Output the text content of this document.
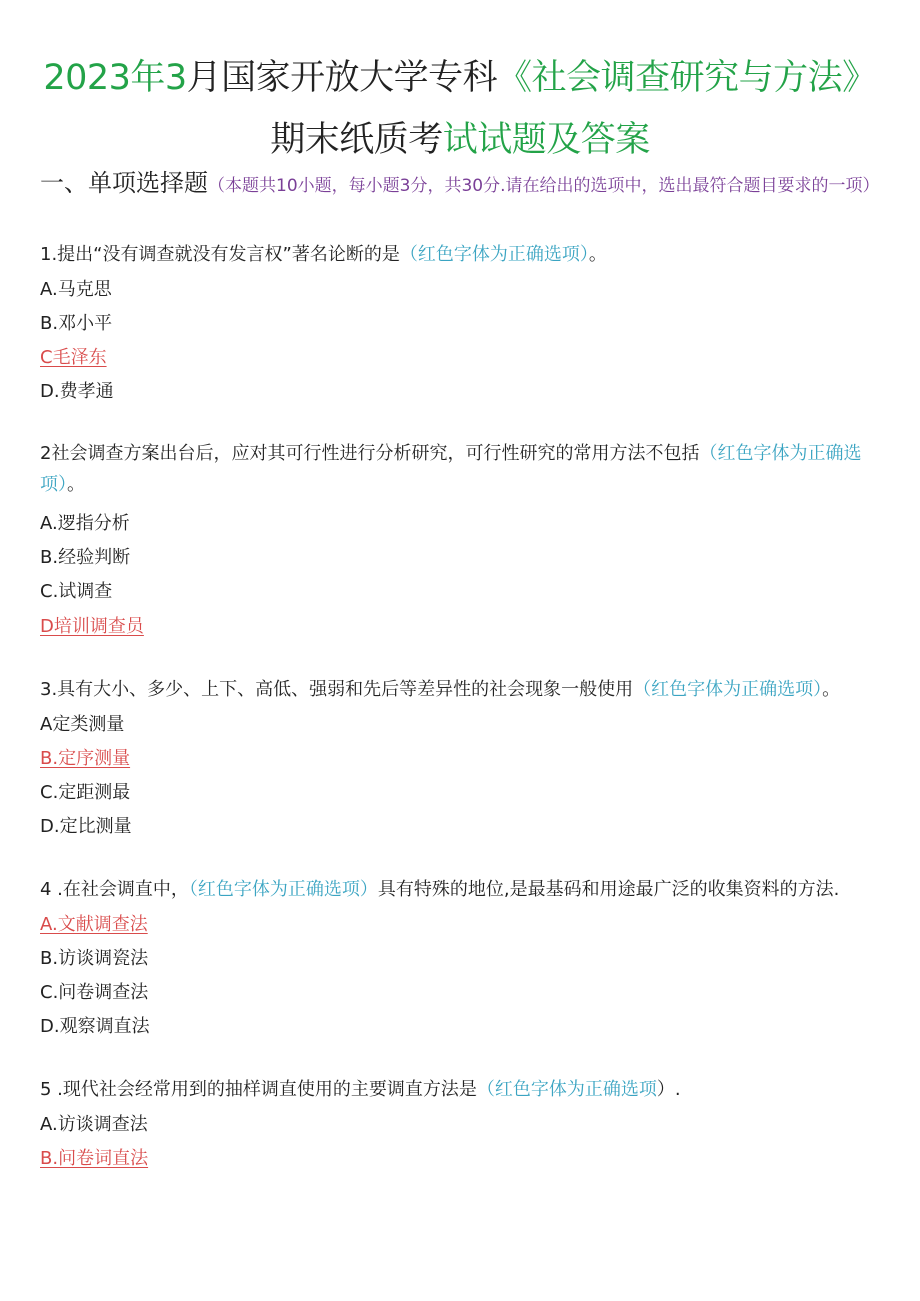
2023年3月国家开放大学专科《社会调查研究与方法》
期末纸质考试试题及答案
一、单项选择题（本题共10小题，每小题3分，共30分.请在给出的选项中，选出最符合题目要求的一项）
1.提出“没有调查就没有发言权”著名论断的是（红色字体为正确选项）。
A.马克思
B.邓小平
C毛泽东
D.费孝通
2社会调查方案出台后，应对其可行性进行分析研究，可行性研究的常用方法不包括（红色字体为正确选项）。
A.逻指分析
B.经验判断
C.试调查
D培训调查员
3.具有大小、多少、上下、高低、强弱和先后等差异性的社会现象一般使用（红色字体为正确选项）。
A定类测量
B.定序测量
C.定距测最
D.定比测量
4 .在社会调直中，（红色字体为正确选项）具有特殊的地位,是最基码和用途最广泛的收集资料的方法.
A.文献调查法
B.访谈调瓷法
C.问卷调查法
D.观察调直法
5 .现代社会经常用到的抽样调直使用的主要调直方法是（红色字体为正确选项）.
A.访谈调查法
B.问卷词直法
